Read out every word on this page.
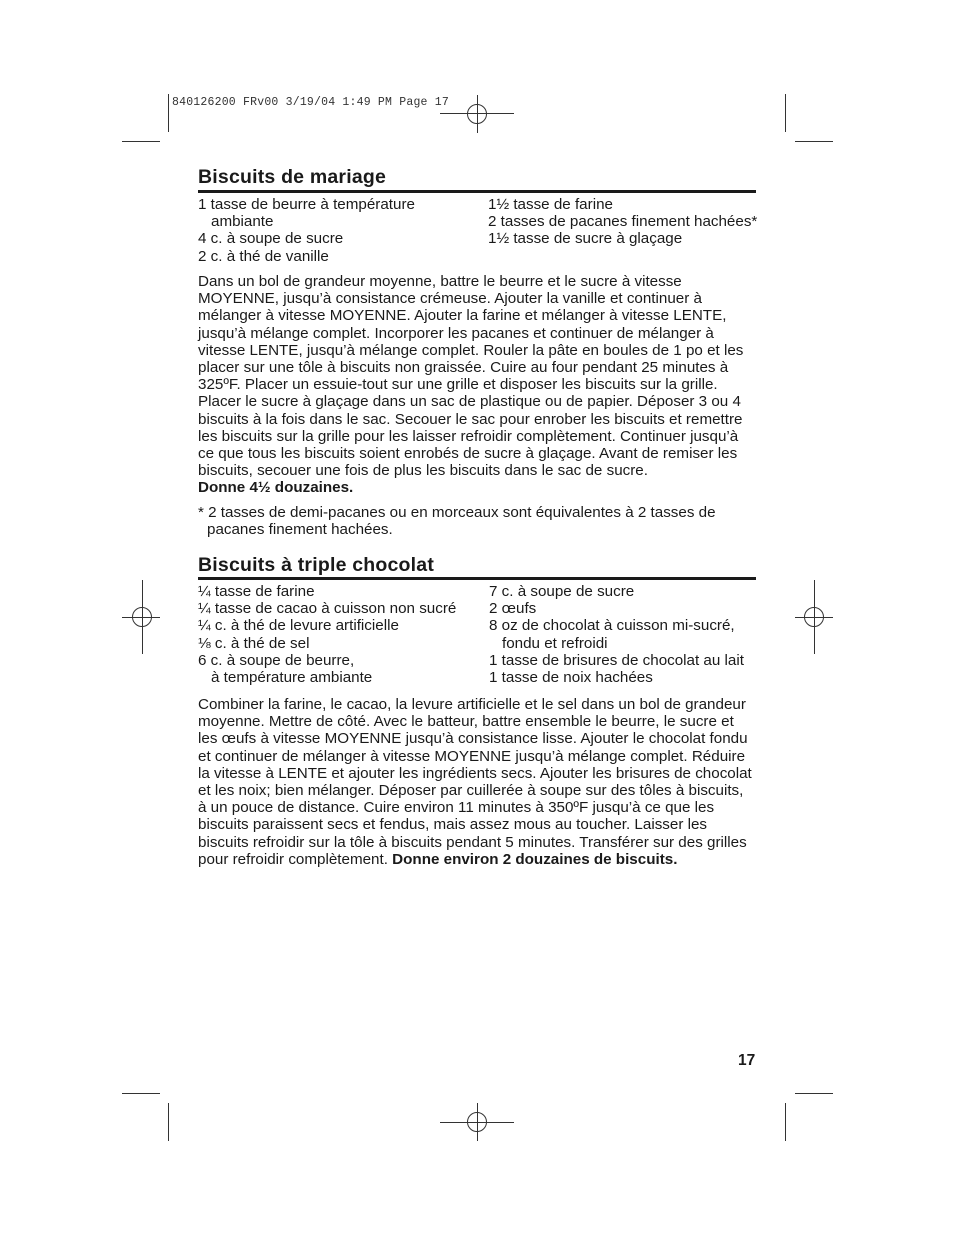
840126200 FRv00 3/19/04 1:49 PM Page 17
Biscuits de mariage

1 tasse de beurre à température

ambiante

4 c. à soupe de sucre

2 c. à thé de vanille

1½ tasse de farine

2 tasses de pacanes finement hachées*

1½ tasse de sucre à glaçage

Dans un bol de grandeur moyenne, battre le beurre et le sucre à vitesse
MOYENNE, jusqu’à consistance crémeuse. Ajouter la vanille et continuer à
mélanger à vitesse MOYENNE. Ajouter la farine et mélanger à vitesse LENTE,
jusqu’à mélange complet. Incorporer les pacanes et continuer de mélanger à
vitesse LENTE, jusqu’à mélange complet. Rouler la pâte en boules de 1 po et les
placer sur une tôle à biscuits non graissée. Cuire au four pendant 25 minutes à
325ºF. Placer un essuie-tout sur une grille et disposer les biscuits sur la grille.
Placer le sucre à glaçage dans un sac de plastique ou de papier. Déposer 3 ou 4
biscuits à la fois dans le sac. Secouer le sac pour enrober les biscuits et remettre
les biscuits sur la grille pour les laisser refroidir complètement. Continuer jusqu’à
ce que tous les biscuits soient enrobés de sucre à glaçage. Avant de remiser les
biscuits, secouer une fois de plus les biscuits dans le sac de sucre.
Donne 4½ douzaines.
* 2 tasses de demi-pacanes ou en morceaux sont équivalentes à 2 tasses de
pacanes finement hachées.
Biscuits à triple chocolat

¼ tasse de farine

¼ tasse de cacao à cuisson non sucré

¼ c. à thé de levure artificielle

⅛ c. à thé de sel

6 c. à soupe de beurre,

à température ambiante

7 c. à soupe de sucre

2 œufs

8 oz de chocolat à cuisson mi-sucré,

fondu et refroidi

1 tasse de brisures de chocolat au lait

1 tasse de noix hachées

Combiner la farine, le cacao, la levure artificielle et le sel dans un bol de grandeur
moyenne. Mettre de côté. Avec le batteur, battre ensemble le beurre, le sucre et
les œufs à vitesse MOYENNE jusqu’à consistance lisse. Ajouter le chocolat fondu
et continuer de mélanger à vitesse MOYENNE jusqu’à mélange complet. Réduire
la vitesse à LENTE et ajouter les ingrédients secs. Ajouter les brisures de chocolat
et les noix; bien mélanger. Déposer par cuillerée à soupe sur des tôles à biscuits,
à un pouce de distance. Cuire environ 11 minutes à 350ºF jusqu’à ce que les
biscuits paraissent secs et fendus, mais assez mous au toucher. Laisser les
biscuits refroidir sur la tôle à biscuits pendant 5 minutes. Transférer sur des grilles
pour refroidir complètement. Donne environ 2 douzaines de biscuits.
17
